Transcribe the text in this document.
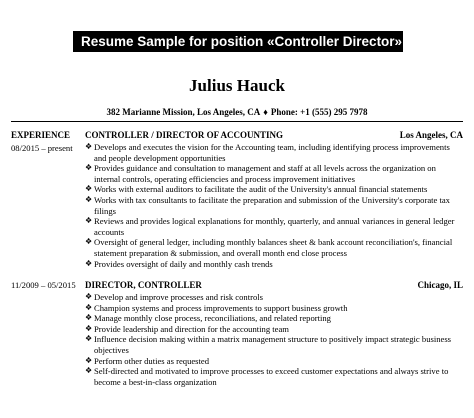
Resume Sample for position «Controller Director»
Julius Hauck
382 Marianne Mission, Los Angeles, CA ♦ Phone: +1 (555) 295 7978
EXPERIENCE
08/2015 – present
CONTROLLER / DIRECTOR OF ACCOUNTING	Los Angeles, CA
❖ Develops and executes the vision for the Accounting team, including identifying process improvements and people development opportunities
❖ Provides guidance and consultation to management and staff at all levels across the organization on internal controls, operating efficiencies and process improvement initiatives
❖ Works with external auditors to facilitate the audit of the University's annual financial statements
❖ Works with tax consultants to facilitate the preparation and submission of the University's corporate tax filings
❖ Reviews and provides logical explanations for monthly, quarterly, and annual variances in general ledger accounts
❖ Oversight of general ledger, including monthly balances sheet & bank account reconciliation's, financial statement preparation & submission, and overall month end close process
❖ Provides oversight of daily and monthly cash trends
11/2009 – 05/2015 DIRECTOR, CONTROLLER	Chicago, IL
❖ Develop and improve processes and risk controls
❖ Champion systems and process improvements to support business growth
❖ Manage monthly close process, reconciliations, and related reporting
❖ Provide leadership and direction for the accounting team
❖ Influence decision making within a matrix management structure to positively impact strategic business objectives
❖ Perform other duties as requested
❖ Self-directed and motivated to improve processes to exceed customer expectations and always strive to become a best-in-class organization
